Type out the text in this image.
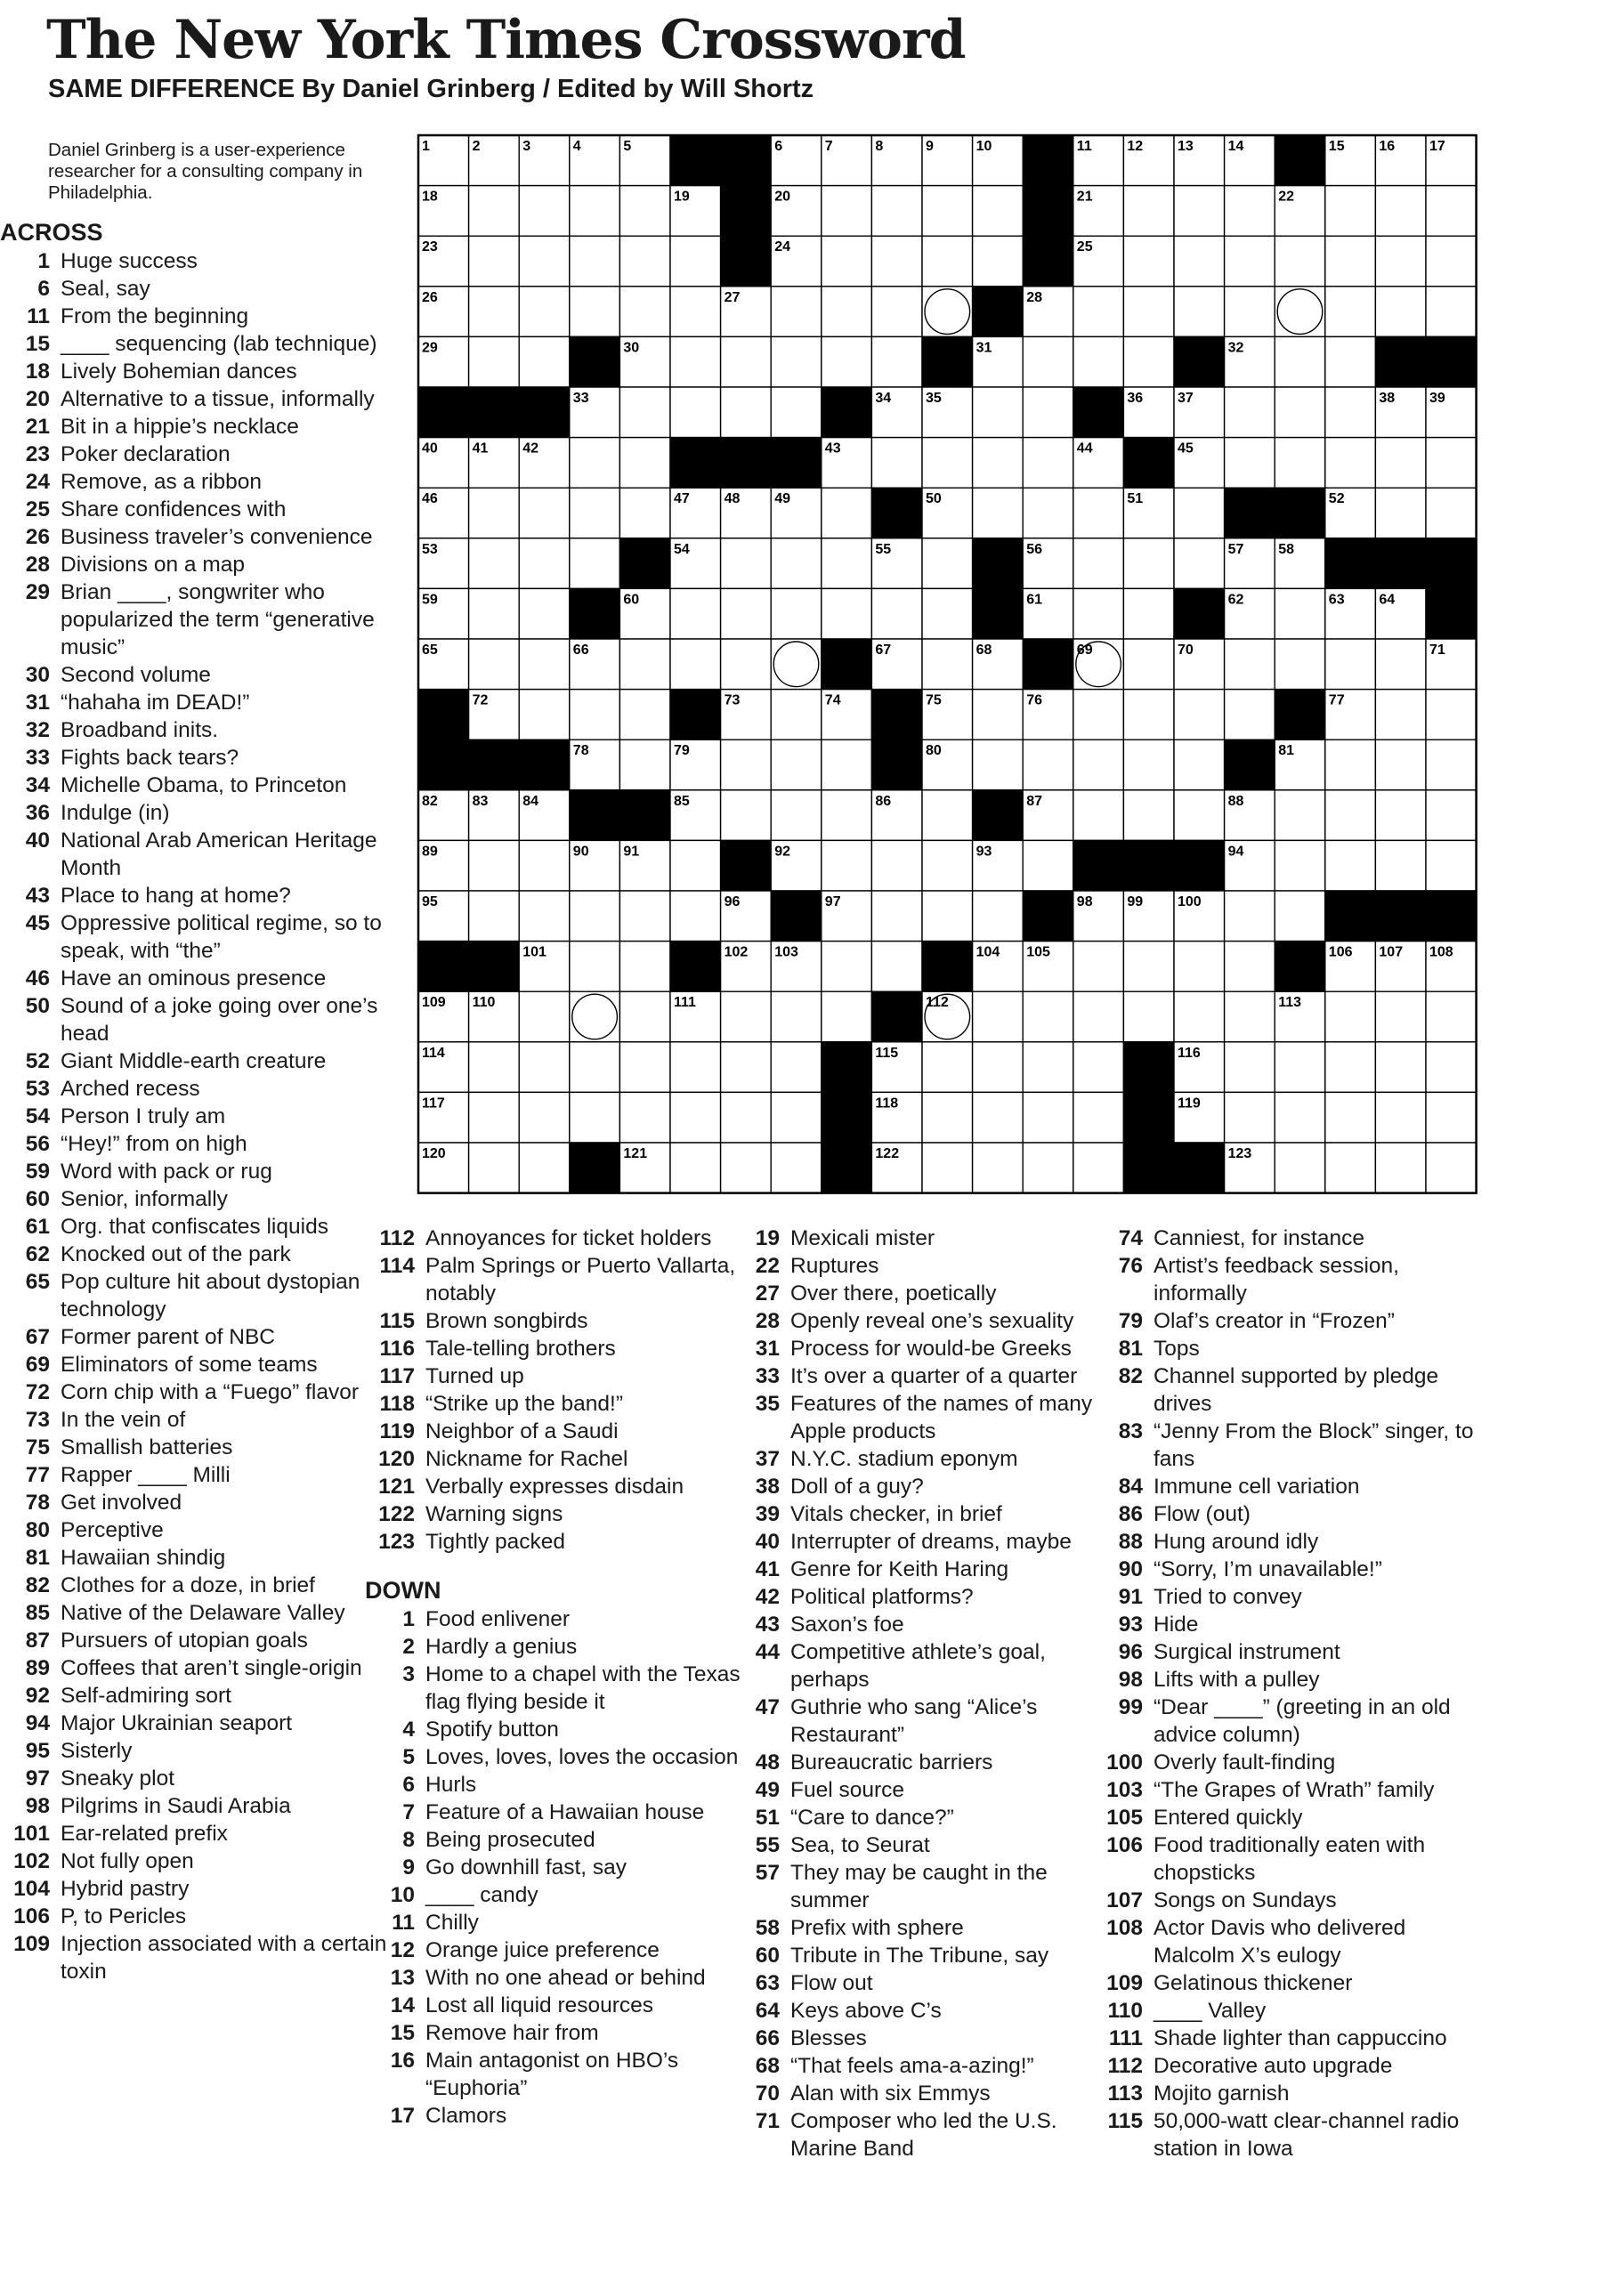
The New York Times Crossword
SAME DIFFERENCE By Daniel Grinberg / Edited by Will Shortz
Daniel Grinberg is a user-experience researcher for a consulting company in Philadelphia.
1	2	3	4	5	6	7	8	9	10	11 12 13 14	15 16 17
18	19	20	21	22
23	24	25
26	27	28
29	30	31	32
33	34 35	36 37	38 39
40 41 42	43	44	45
46	47 48 49	50	51	52
53	54	55	56	57 58
59	60	61	62	63 64
65	66	67	68	69	70	71
72	73	74	75	76	77
78	79	80	81
82 83 84	85	86	87	88
89	90 91	92	93	94
95	96	97	98 99 100
101	102 103	104 105	106 107 108
109 110	111	112	113
114	115	116
117	118	119
120	121	122	123
ACROSS
1 Huge success
6 Seal, say
11 From the beginning
15 ____ sequencing (lab technique)
18 Lively Bohemian dances
20 Alternative to a tissue, informally
21 Bit in a hippie’s necklace
23 Poker declaration
24 Remove, as a ribbon
25 Share confidences with
26 Business traveler’s convenience
28 Divisions on a map
29 Brian ____, songwriter who popularized the term “generative music”
30 Second volume
31 “hahaha im DEAD!”
32 Broadband inits.
33 Fights back tears?
34 Michelle Obama, to Princeton
36 Indulge (in)
40 National Arab American Heritage Month
43 Place to hang at home?
45 Oppressive political regime, so to speak, with “the”
46 Have an ominous presence
50 Sound of a joke going over one’s head
52 Giant Middle-earth creature
53 Arched recess
54 Person I truly am
56 “Hey!” from on high
59 Word with pack or rug
60 Senior, informally
61 Org. that confiscates liquids
62 Knocked out of the park
65 Pop culture hit about dystopian technology
67 Former parent of NBC
69 Eliminators of some teams
72 Corn chip with a “Fuego” flavor
73 In the vein of
75 Smallish batteries
77 Rapper ____ Milli
78 Get involved
80 Perceptive
81 Hawaiian shindig
82 Clothes for a doze, in brief
85 Native of the Delaware Valley
87 Pursuers of utopian goals
89 Coffees that aren’t single-origin
92 Self-admiring sort
94 Major Ukrainian seaport
95 Sisterly
97 Sneaky plot
98 Pilgrims in Saudi Arabia
101 Ear-related prefix
102 Not fully open
104 Hybrid pastry
106 P, to Pericles
109 Injection associated with a certain toxin
112 Annoyances for ticket holders
114 Palm Springs or Puerto Vallarta, notably
115 Brown songbirds
116 Tale-telling brothers
117 Turned up
118 “Strike up the band!”
119 Neighbor of a Saudi
120 Nickname for Rachel
121 Verbally expresses disdain
122 Warning signs
123 Tightly packed
DOWN
1 Food enlivener
2 Hardly a genius
3 Home to a chapel with the Texas flag flying beside it
4 Spotify button
5 Loves, loves, loves the occasion
6 Hurls
7 Feature of a Hawaiian house
8 Being prosecuted
9 Go downhill fast, say
10 ____ candy
11 Chilly
12 Orange juice preference
13 With no one ahead or behind
14 Lost all liquid resources
15 Remove hair from
16 Main antagonist on HBO’s “Euphoria”
17 Clamors
19 Mexicali mister
22 Ruptures
27 Over there, poetically
28 Openly reveal one’s sexuality
31 Process for would-be Greeks
33 It’s over a quarter of a quarter
35 Features of the names of many Apple products
37 N.Y.C. stadium eponym
38 Doll of a guy?
39 Vitals checker, in brief
40 Interrupter of dreams, maybe
41 Genre for Keith Haring
42 Political platforms?
43 Saxon’s foe
44 Competitive athlete’s goal, perhaps
47 Guthrie who sang “Alice’s Restaurant”
48 Bureaucratic barriers
49 Fuel source
51 “Care to dance?”
55 Sea, to Seurat
57 They may be caught in the summer
58 Prefix with sphere
60 Tribute in The Tribune, say
63 Flow out
64 Keys above C’s
66 Blesses
68 “That feels ama-a-azing!”
70 Alan with six Emmys
71 Composer who led the U.S. Marine Band
74 Canniest, for instance
76 Artist’s feedback session, informally
79 Olaf’s creator in “Frozen”
81 Tops
82 Channel supported by pledge drives
83 “Jenny From the Block” singer, to fans
84 Immune cell variation
86 Flow (out)
88 Hung around idly
90 “Sorry, I’m unavailable!”
91 Tried to convey
93 Hide
96 Surgical instrument
98 Lifts with a pulley
99 “Dear ____” (greeting in an old advice column)
100 Overly fault-finding
103 “The Grapes of Wrath” family
105 Entered quickly
106 Food traditionally eaten with chopsticks
107 Songs on Sundays
108 Actor Davis who delivered Malcolm X’s eulogy
109 Gelatinous thickener
110 ____ Valley
111 Shade lighter than cappuccino
112 Decorative auto upgrade
113 Mojito garnish
115 50,000-watt clear-channel radio station in Iowa
